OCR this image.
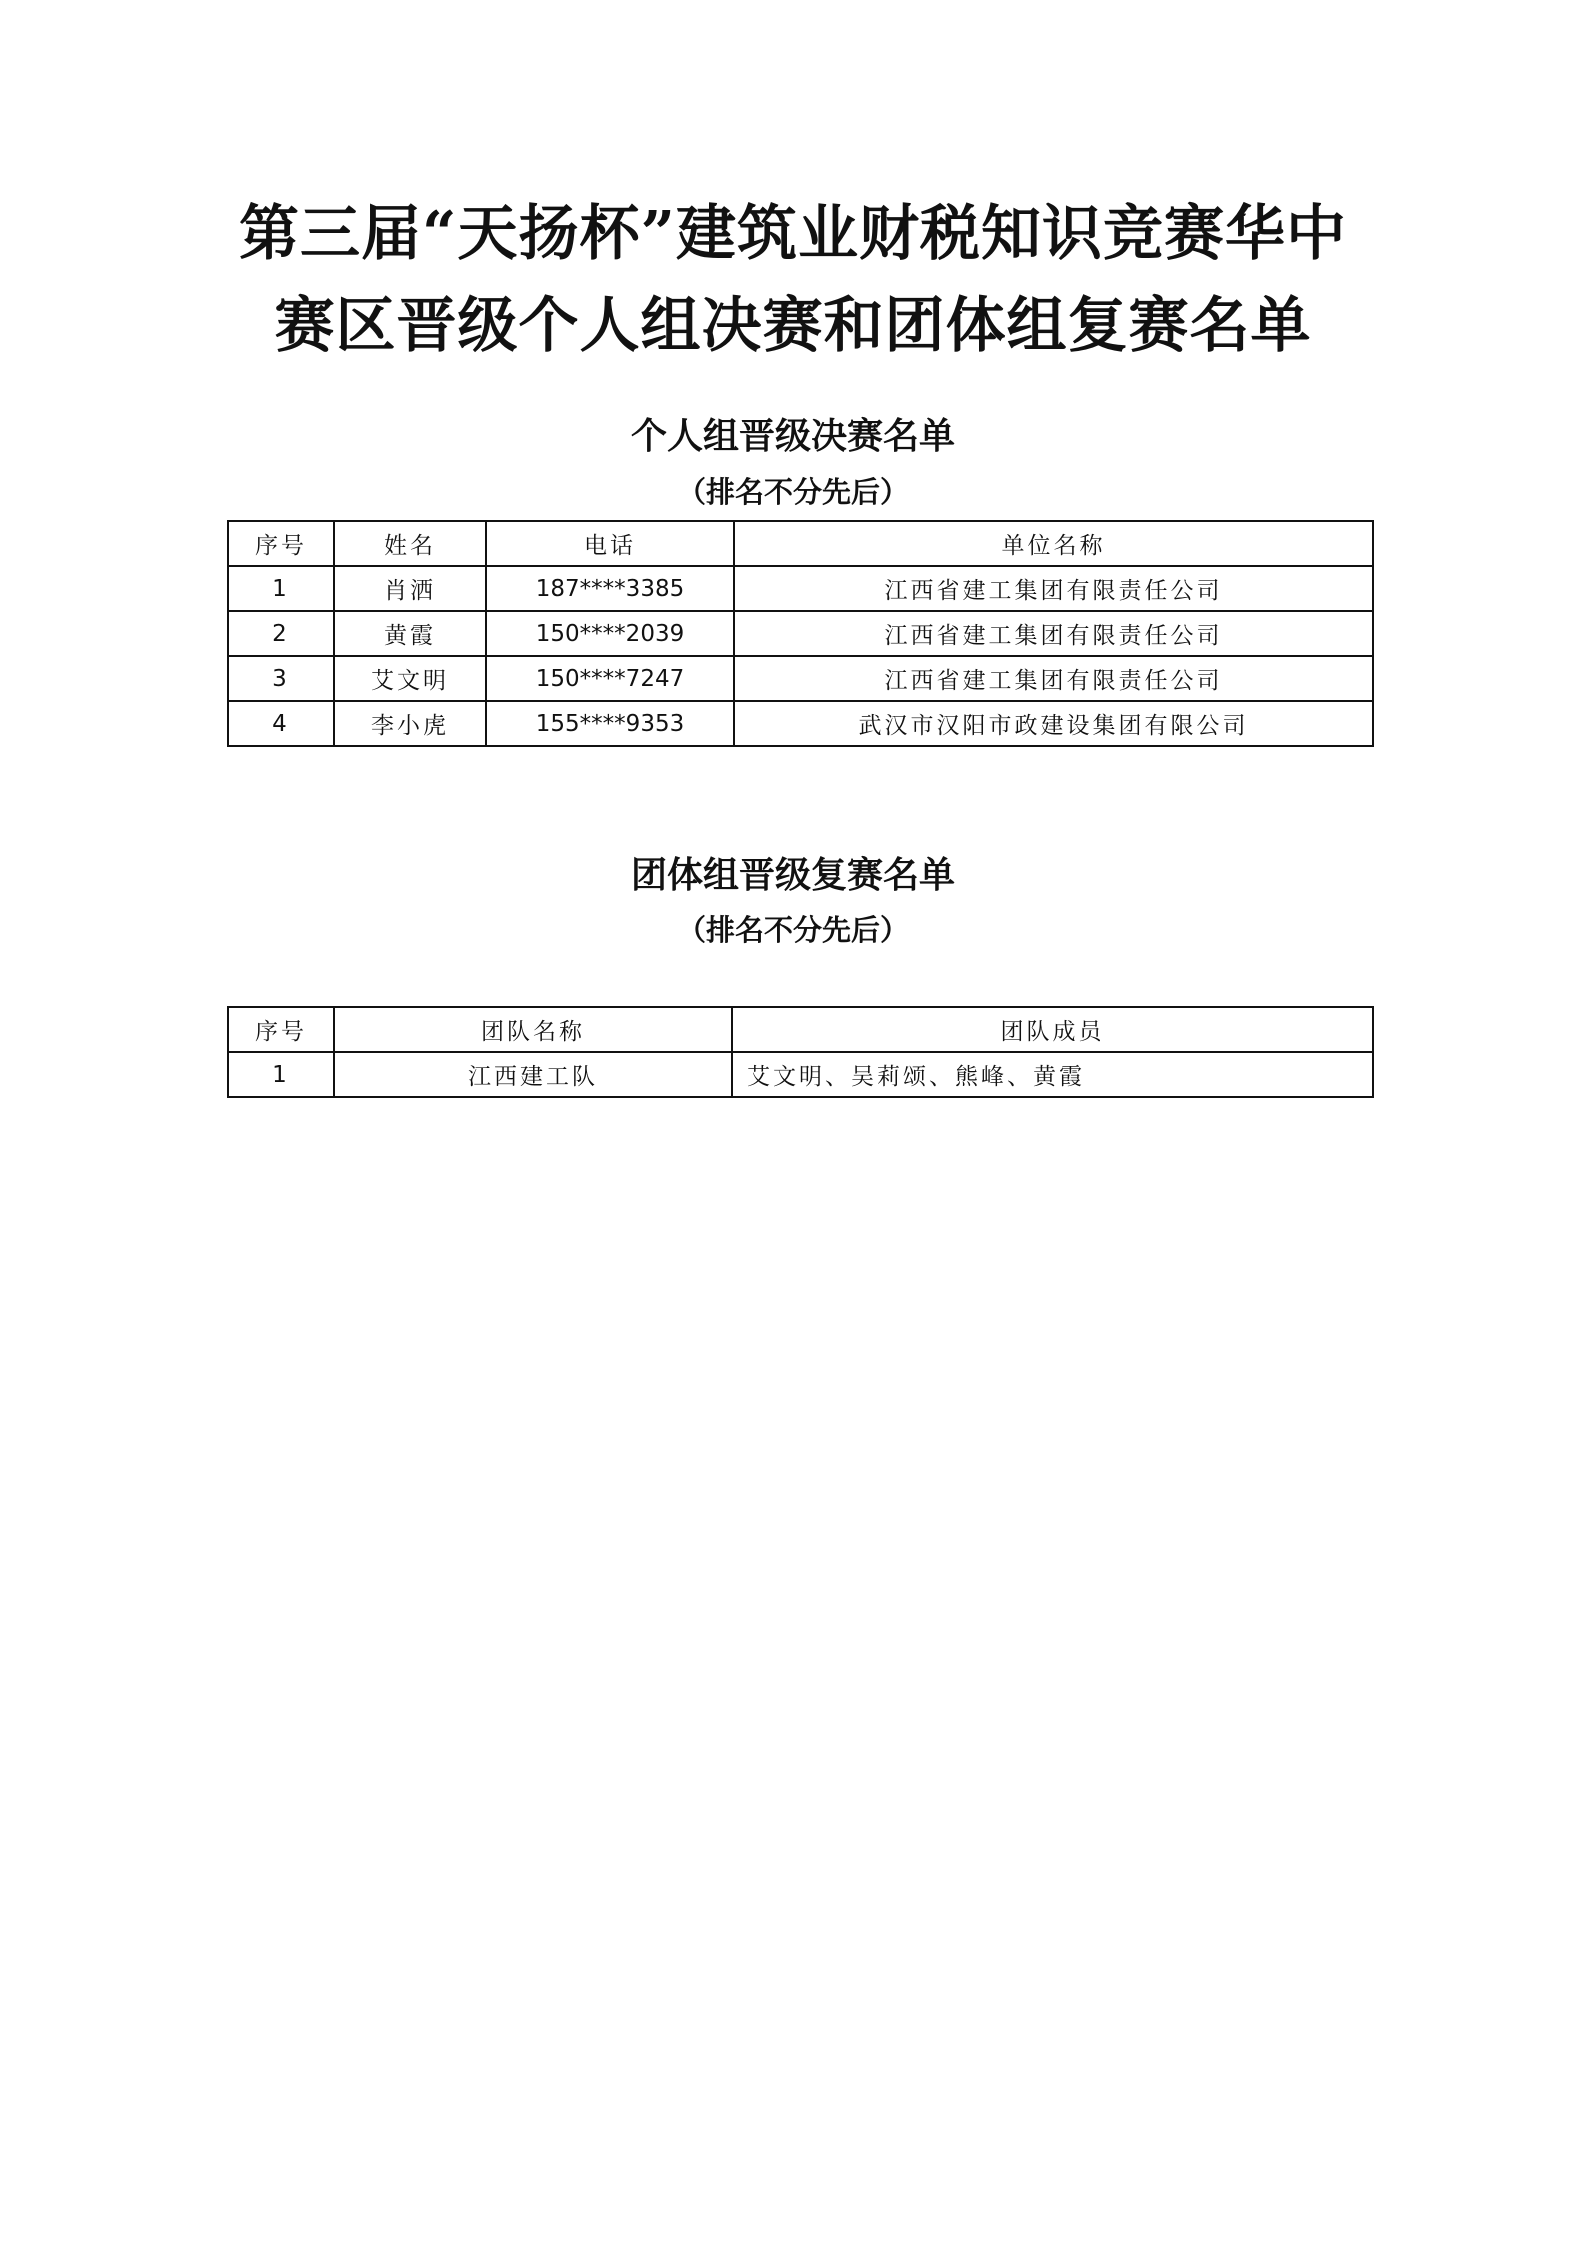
第三届“天扬杯”建筑业财税知识竞赛华中
赛区晋级个人组决赛和团体组复赛名单
个人组晋级决赛名单

（排名不分先后）

序号	姓名	电话	单位名称
1	肖洒	187****3385	江西省建工集团有限责任公司
2	黄霞	150****2039	江西省建工集团有限责任公司
3	艾文明	150****7247	江西省建工集团有限责任公司
4	李小虎	155****9353	武汉市汉阳市政建设集团有限公司
团体组晋级复赛名单

（排名不分先后）

序号	团队名称	团队成员
1	江西建工队	艾文明、吴莉颂、熊峰、黄霞
